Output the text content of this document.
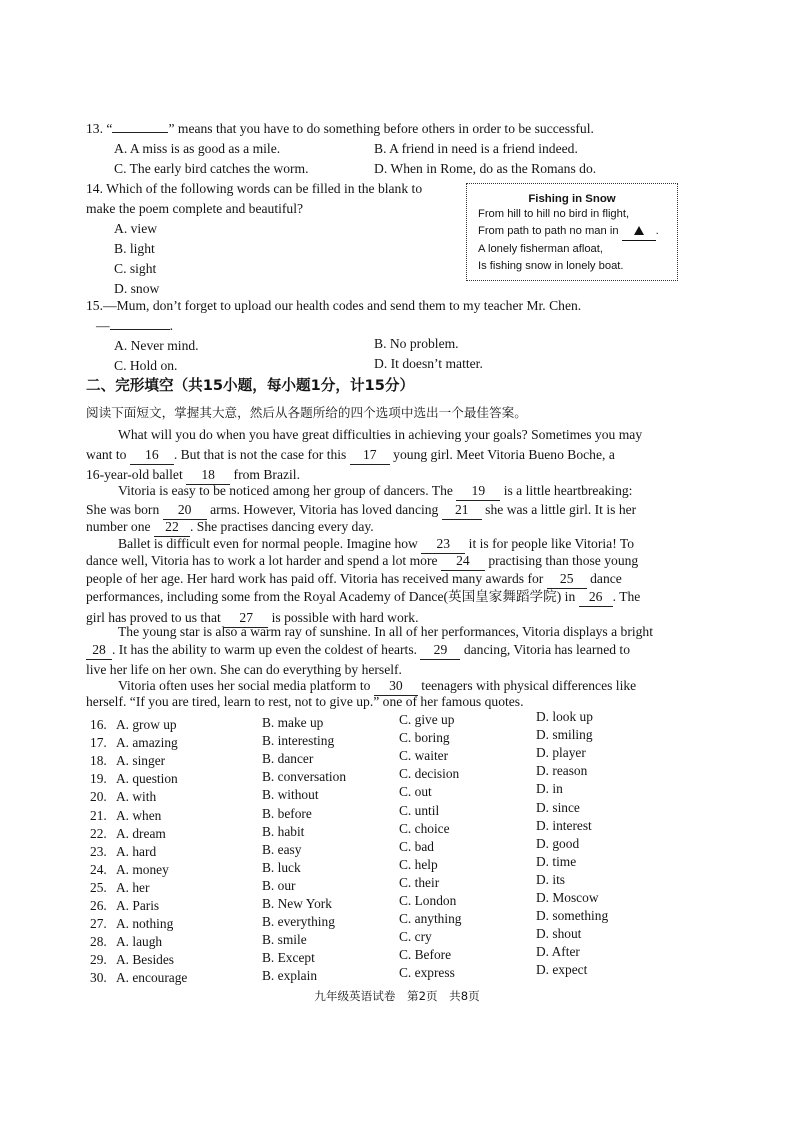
13. “	” means that you have to do something before others in order to be successful.
A. A miss is as good as a mile.	B. A friend in need is a friend indeed.
C. The early bird catches the worm.	D. When in Rome, do as the Romans do.
14. Which of the following words can be filled in the blank to
make the poem complete and beautiful?
A. view
B. light
C. sight
D. snow
Fishing in Snow
From hill to hill no bird in flight,
From path to path no man in	.
A lonely fisherman afloat,
Is fishing snow in lonely boat.
15.—Mum, don’t forget to upload our health codes and send them to my teacher Mr. Chen.
—	.
A. Never mind.	B. No problem.
C. Hold on.	D. It doesn’t matter.
二、完形填空（共15小题，每小题1分，计15分）
阅读下面短文，掌握其大意，然后从各题所给的四个选项中选出一个最佳答案。
What will you do when you have great difficulties in achieving your goals? Sometimes you may
want to 16 . But that is not the case for this 17 young girl. Meet Vitoria Bueno Boche, a
16-year-old ballet 18 from Brazil.
Vitoria is easy to be noticed among her group of dancers. The 19 is a little heartbreaking:
She was born 20 arms. However, Vitoria has loved dancing 21 she was a little girl. It is her
number one 22 . She practises dancing every day.
Ballet is difficult even for normal people. Imagine how 23 it is for people like Vitoria! To
dance well, Vitoria has to work a lot harder and spend a lot more 24 practising than those young
people of her age. Her hard work has paid off. Vitoria has received many awards for 25 dance
performances, including some from the Royal Academy of Dance(英国皇家舞蹈学院) in 26 . The
girl has proved to us that 27 is possible with hard work.
The young star is also a warm ray of sunshine. In all of her performances, Vitoria displays a bright
28 . It has the ability to warm up even the coldest of hearts. 29 dancing, Vitoria has learned to
live her life on her own. She can do everything by herself.
Vitoria often uses her social media platform to 30 teenagers with physical differences like
herself. “If you are tired, learn to rest, not to give up.” one of her famous quotes.
16. A. grow up	B. make up	C. give up	D. look up
17. A. amazing	B. interesting	C. boring	D. smiling
18. A. singer	B. dancer	C. waiter	D. player
19. A. question	B. conversation	C. decision	D. reason
20. A. with	B. without	C. out	D. in
21. A. when	B. before	C. until	D. since
22. A. dream	B. habit	C. choice	D. interest
23. A. hard	B. easy	C. bad	D. good
24. A. money	B. luck	C. help	D. time
25. A. her	B. our	C. their	D. its
26. A. Paris	B. New York	C. London	D. Moscow
27. A. nothing	B. everything	C. anything	D. something
28. A. laugh	B. smile	C. cry	D. shout
29. A. Besides	B. Except	C. Before	D. After
30. A. encourage	B. explain	C. express	D. expect
九年级英语试卷　第2页　共8页
